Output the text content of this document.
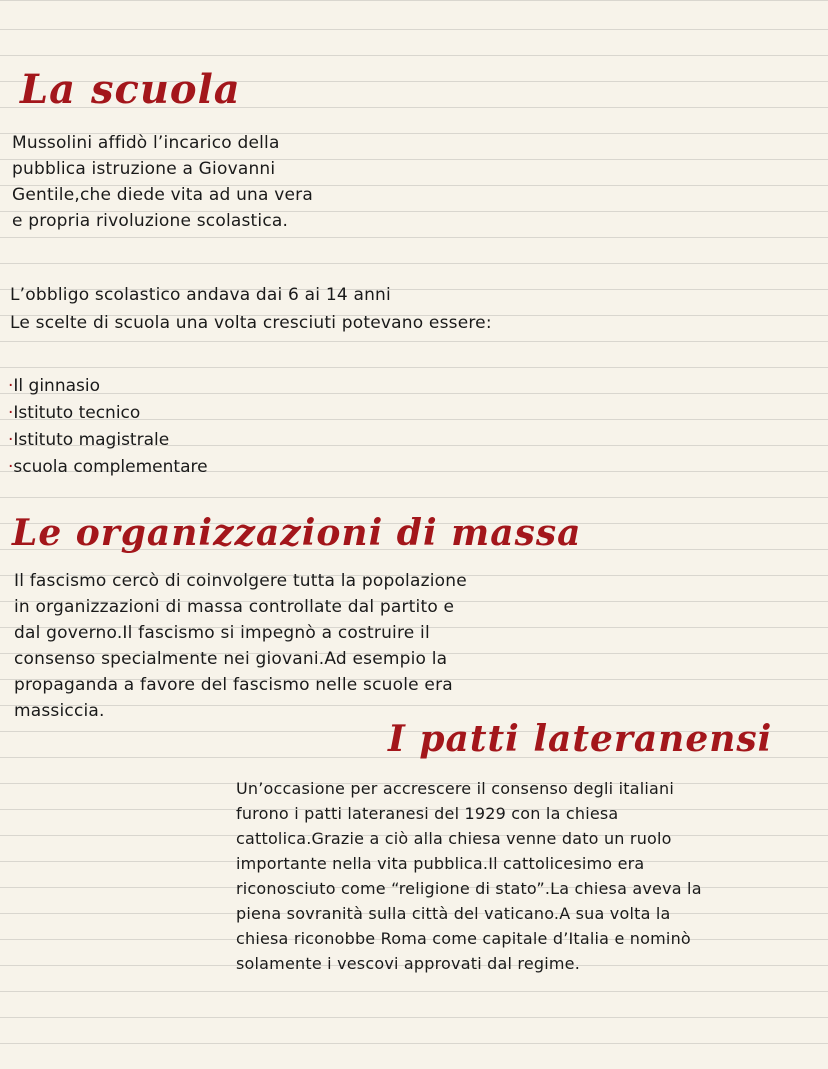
La scuola

Mussolini affidò l’incarico della
pubblica istruzione a Giovanni
Gentile,che diede vita ad una vera
e propria rivoluzione scolastica.

L’obbligo scolastico andava dai 6 ai 14 anni
Le scelte di scuola una volta cresciuti potevano essere:

·Il ginnasio
·Istituto tecnico
·Istituto magistrale
·scuola complementare
Le organizzazioni di massa

Il fascismo cercò di coinvolgere tutta la popolazione
in organizzazioni di massa controllate dal partito e
dal governo.Il fascismo si impegnò a costruire il
consenso specialmente nei giovani.Ad esempio la
propaganda a favore del fascismo nelle scuole era
massiccia.

I patti lateranensi

Un’occasione per accrescere il consenso degli italiani
furono i patti lateranesi del 1929 con la chiesa
cattolica.Grazie a ciò alla chiesa venne dato un ruolo
importante nella vita pubblica.Il cattolicesimo era
riconosciuto come “religione di stato”.La chiesa aveva la
piena sovranità sulla città del vaticano.A sua volta la
chiesa riconobbe Roma come capitale d’Italia e nominò
solamente i vescovi approvati dal regime.
